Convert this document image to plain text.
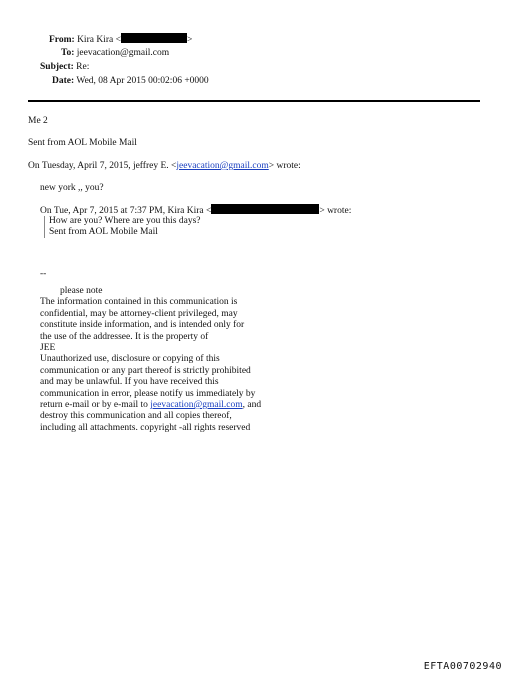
From: Kira Kira <	>
To: jeevacation@gmail.com
Subject: Re:
Date: Wed, 08 Apr 2015 00:02:06 +0000
Me 2
Sent from AOL Mobile Mail
On Tuesday, April 7, 2015, jeffrey E. <jeevacation@gmail.com> wrote:
new york ,, you?
On Tue, Apr 7, 2015 at 7:37 PM, Kira Kira <	> wrote:
How are you? Where are you this days?
Sent from AOL Mobile Mail
--
please note
The information contained in this communication is
confidential, may be attorney-client privileged, may
constitute inside information, and is intended only for
the use of the addressee. It is the property of
JEE
Unauthorized use, disclosure or copying of this
communication or any part thereof is strictly prohibited
and may be unlawful. If you have received this
communication in error, please notify us immediately by
return e-mail or by e-mail to jeevacation@gmail.com, and
destroy this communication and all copies thereof,
including all attachments. copyright -all rights reserved
EFTA00702940
